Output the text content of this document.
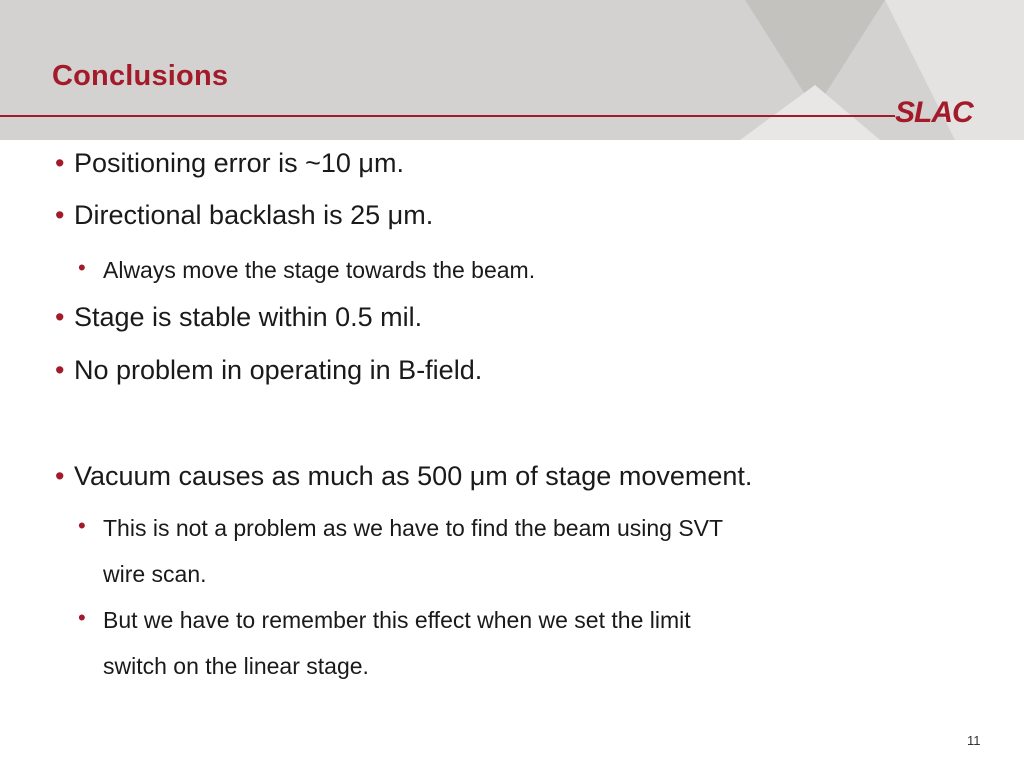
Conclusions
SLAC
• Positioning error is ~10 μm.
• Directional backlash is 25 μm.
• Always move the stage towards the beam.
• Stage is stable within 0.5 mil.
• No problem in operating in B-field.
• Vacuum causes as much as 500 μm of stage movement.
• This is not a problem as we have to find the beam using SVT
wire scan.
• But we have to remember this effect when we set the limit
switch on the linear stage.
11
